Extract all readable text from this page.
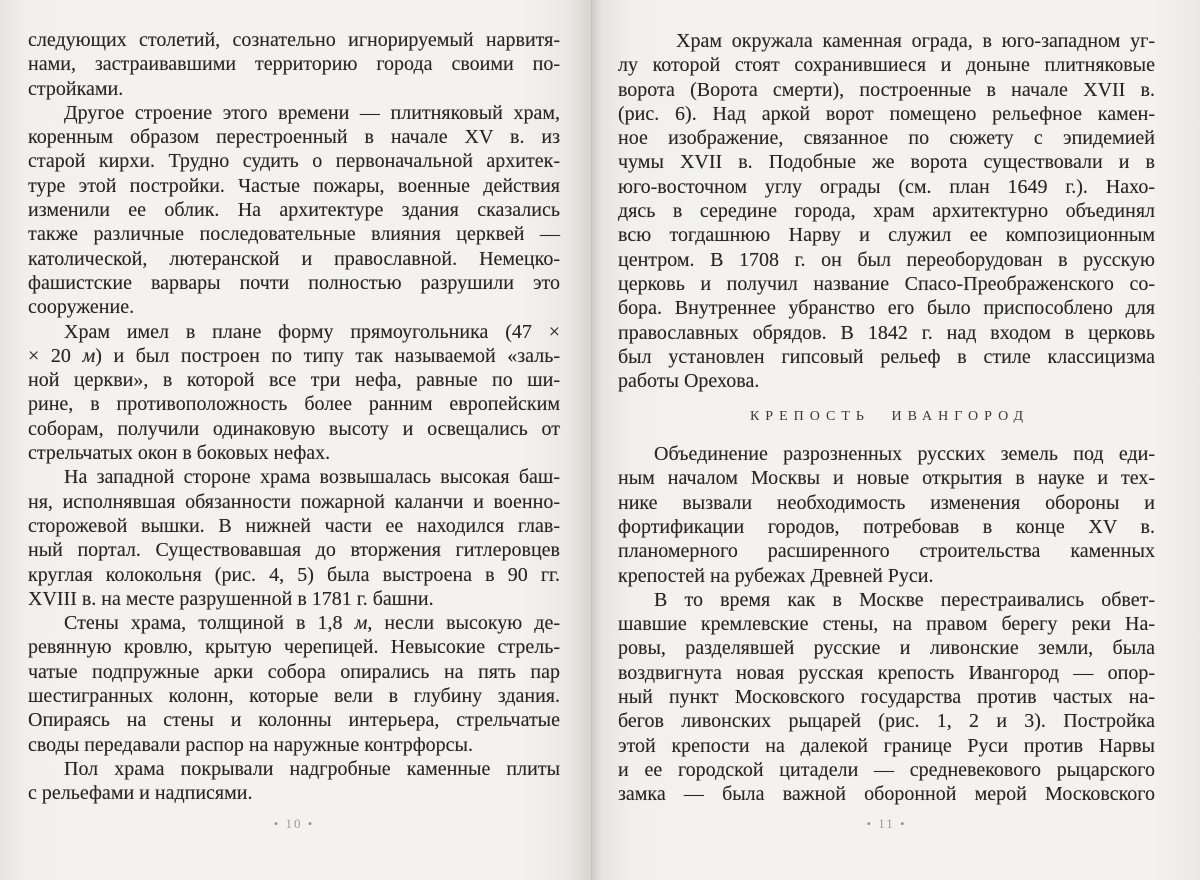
следующих столетий, сознательно игнорируемый нарвитя-
нами, застраивавшими территорию города своими по-
стройками.
Другое строение этого времени — плитняковый храм,
коренным образом перестроенный в начале XV в. из
старой кирхи. Трудно судить о первоначальной архитек-
туре этой постройки. Частые пожары, военные действия
изменили ее облик. На архитектуре здания сказались
также различные последовательные влияния церквей —
католической, лютеранской и православной. Немецко-
фашистские варвары почти полностью разрушили это
сооружение.
Храм имел в плане форму прямоугольника (47 ×
× 20 м) и был построен по типу так называемой «заль-
ной церкви», в которой все три нефа, равные по ши-
рине, в противоположность более ранним европейским
соборам, получили одинаковую высоту и освещались от
стрельчатых окон в боковых нефах.
На западной стороне храма возвышалась высокая баш-
ня, исполнявшая обязанности пожарной каланчи и военно-
сторожевой вышки. В нижней части ее находился глав-
ный портал. Существовавшая до вторжения гитлеровцев
круглая колокольня (рис. 4, 5) была выстроена в 90 гг.
XVIII в. на месте разрушенной в 1781 г. башни.
Стены храма, толщиной в 1,8 м, несли высокую де-
ревянную кровлю, крытую черепицей. Невысокие стрель-
чатые подпружные арки собора опирались на пять пар
шестигранных колонн, которые вели в глубину здания.
Опираясь на стены и колонны интерьера, стрельчатые
своды передавали распор на наружные контрфорсы.
Пол храма покрывали надгробные каменные плиты
с рельефами и надписями.
• 10 •
Храм окружала каменная ограда, в юго-западном уг-
лу которой стоят сохранившиеся и доныне плитняковые
ворота (Ворота смерти), построенные в начале XVII в.
(рис. 6). Над аркой ворот помещено рельефное камен-
ное изображение, связанное по сюжету с эпидемией
чумы XVII в. Подобные же ворота существовали и в
юго-восточном углу ограды (см. план 1649 г.). Нахо-
дясь в середине города, храм архитектурно объединял
всю тогдашнюю Нарву и служил ее композиционным
центром. В 1708 г. он был переоборудован в русскую
церковь и получил название Спасо-Преображенского со-
бора. Внутреннее убранство его было приспособлено для
православных обрядов. В 1842 г. над входом в церковь
был установлен гипсовый рельеф в стиле классицизма
работы Орехова.
КРЕПОСТЬ ИВАНГОРОД
Объединение разрозненных русских земель под еди-
ным началом Москвы и новые открытия в науке и тех-
нике вызвали необходимость изменения обороны и
фортификации городов, потребовав в конце XV в.
планомерного расширенного строительства каменных
крепостей на рубежах Древней Руси.
В то время как в Москве перестраивались обвет-
шавшие кремлевские стены, на правом берегу реки На-
ровы, разделявшей русские и ливонские земли, была
воздвигнута новая русская крепость Ивангород — опор-
ный пункт Московского государства против частых на-
бегов ливонских рыцарей (рис. 1, 2 и 3). Постройка
этой крепости на далекой границе Руси против Нарвы
и ее городской цитадели — средневекового рыцарского
замка — была важной оборонной мерой Московского
• 11 •
